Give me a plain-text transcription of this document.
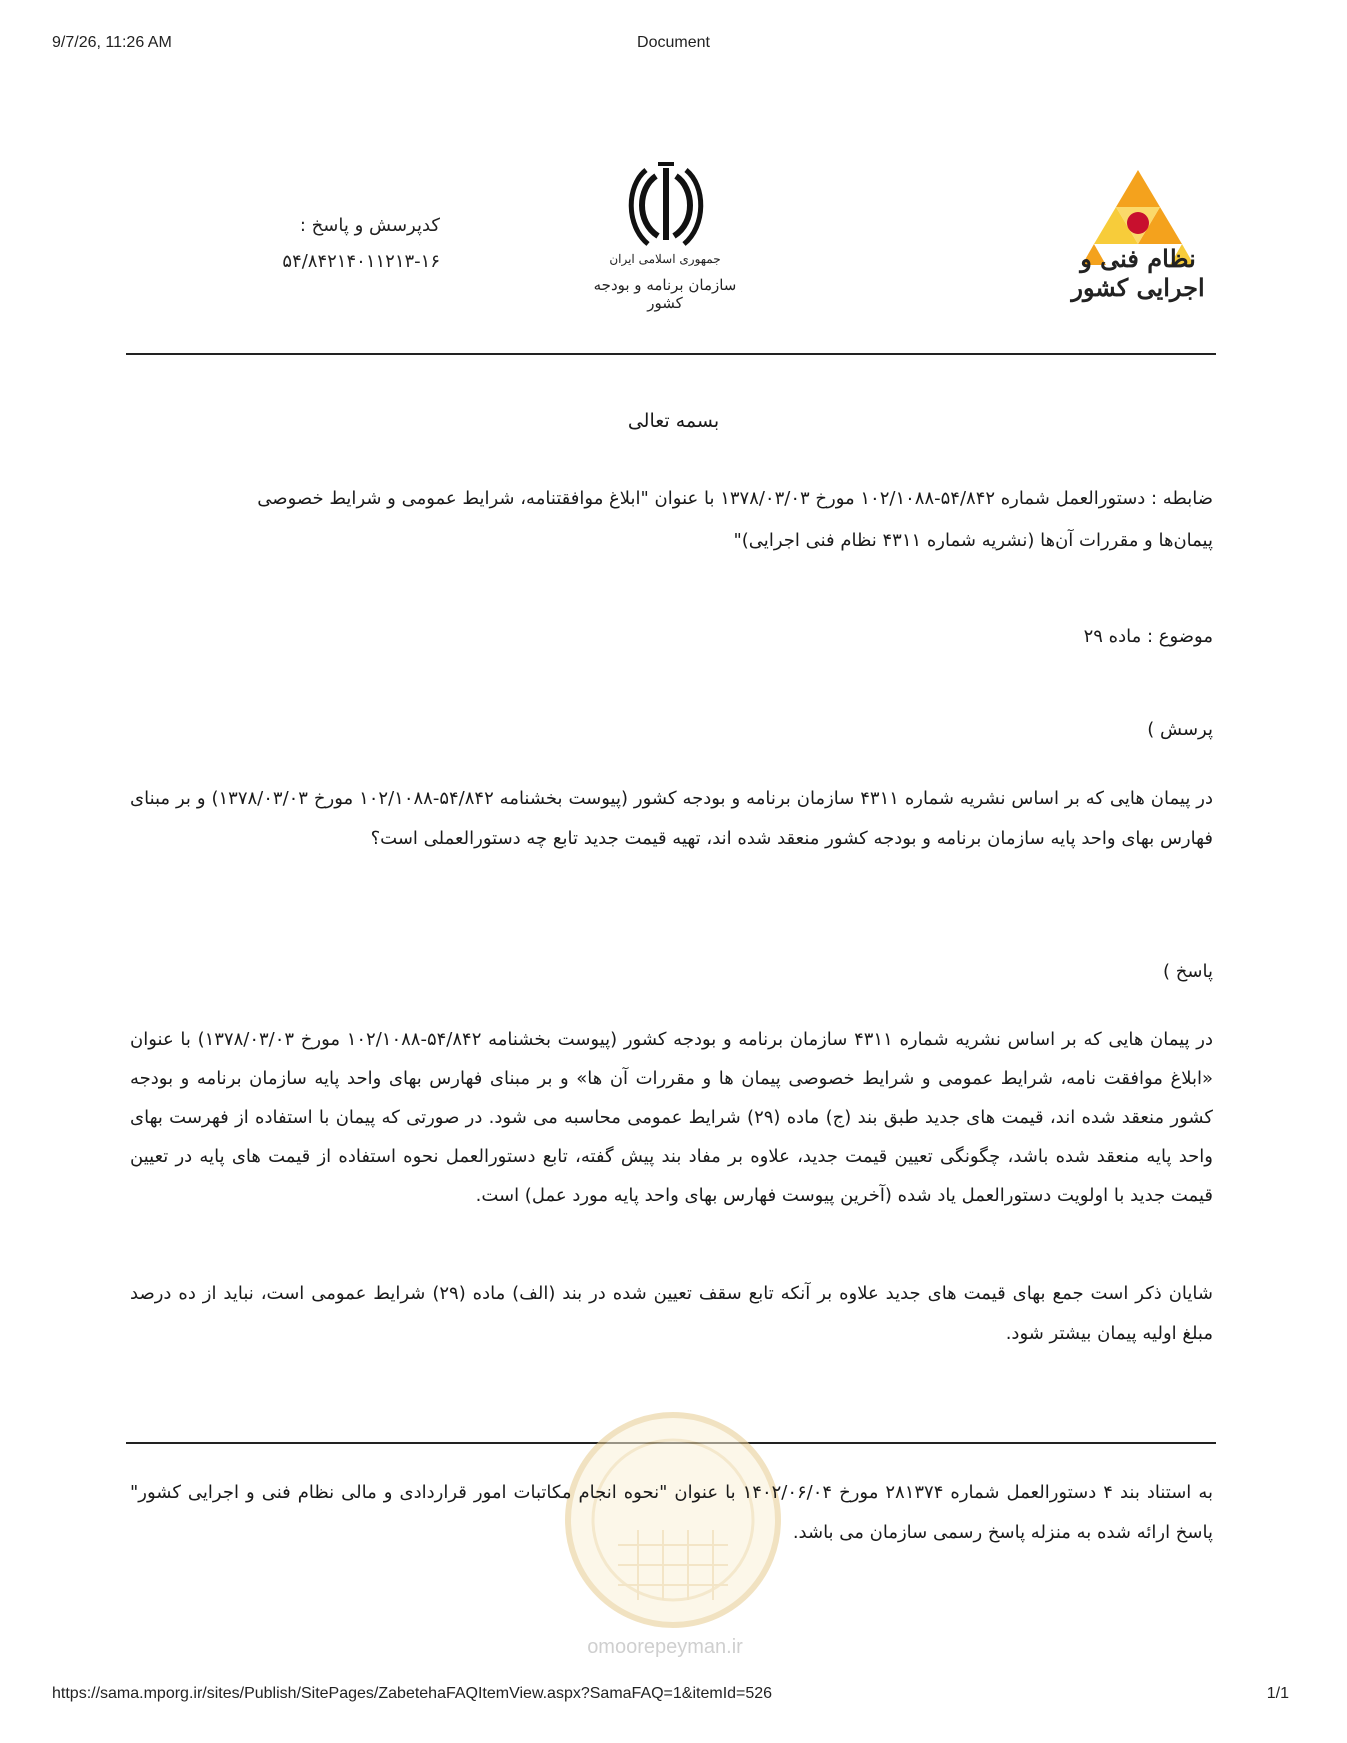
9/7/26, 11:26 AM	Document
نظام فنی و اجرایی کشور
جمهوری اسلامی ایران
سازمان برنامه و بودجه کشور
کدپرسش و پاسخ :
۵۴/۸۴۲۱۴۰۱۱۲۱۳-۱۶
بسمه تعالی
ضابطه : دستورالعمل شماره ۵۴/۸۴۲-۱۰۲/۱۰۸۸ مورخ ۱۳۷۸/۰۳/۰۳ با عنوان "ابلاغ موافقتنامه، شرایط عمومی و شرایط خصوصی
پیمان‌ها و مقررات آن‌ها (نشریه شماره ۴۳۱۱ نظام فنی اجرایی)"
موضوع : ماده ۲۹
پرسش )
در پیمان هایی که بر اساس نشریه شماره ۴۳۱۱ سازمان برنامه و بودجه کشور (پیوست بخشنامه ۵۴/۸۴۲-۱۰۲/۱۰۸۸ مورخ ۱۳۷۸/۰۳/۰۳) و بر مبنای فهارس بهای واحد پایه سازمان برنامه و بودجه کشور منعقد شده اند، تهیه قیمت جدید تابع چه دستورالعملی است؟
پاسخ )
در پیمان هایی که بر اساس نشریه شماره ۴۳۱۱ سازمان برنامه و بودجه کشور (پیوست بخشنامه ۵۴/۸۴۲-۱۰۲/۱۰۸۸ مورخ ۱۳۷۸/۰۳/۰۳) با عنوان «ابلاغ موافقت نامه، شرایط عمومی و شرایط خصوصی پیمان ها و مقررات آن ها» و بر مبنای فهارس بهای واحد پایه سازمان برنامه و بودجه کشور منعقد شده اند، قیمت های جدید طبق بند (ج) ماده (۲۹) شرایط عمومی محاسبه می شود. در صورتی که پیمان با استفاده از فهرست بهای واحد پایه منعقد شده باشد، چگونگی تعیین قیمت جدید، علاوه بر مفاد بند پیش گفته، تابع دستورالعمل نحوه استفاده از قیمت های پایه در تعیین قیمت جدید با اولویت دستورالعمل یاد شده (آخرین پیوست فهارس بهای واحد پایه مورد عمل) است.
شایان ذکر است جمع بهای قیمت های جدید علاوه بر آنکه تابع سقف تعیین شده در بند (الف) ماده (۲۹) شرایط عمومی است، نباید از ده درصد مبلغ اولیه پیمان بیشتر شود.
omoorepeyman.ir
به استناد بند ۴ دستورالعمل شماره ۲۸۱۳۷۴ مورخ ۱۴۰۲/۰۶/۰۴ با عنوان "نحوه انجام مکاتبات امور قراردادی و مالی نظام فنی و اجرایی کشور" پاسخ ارائه شده به منزله پاسخ رسمی سازمان می باشد.
https://sama.mporg.ir/sites/Publish/SitePages/ZabetehaFAQItemView.aspx?SamaFAQ=1&itemId=526	1/1
